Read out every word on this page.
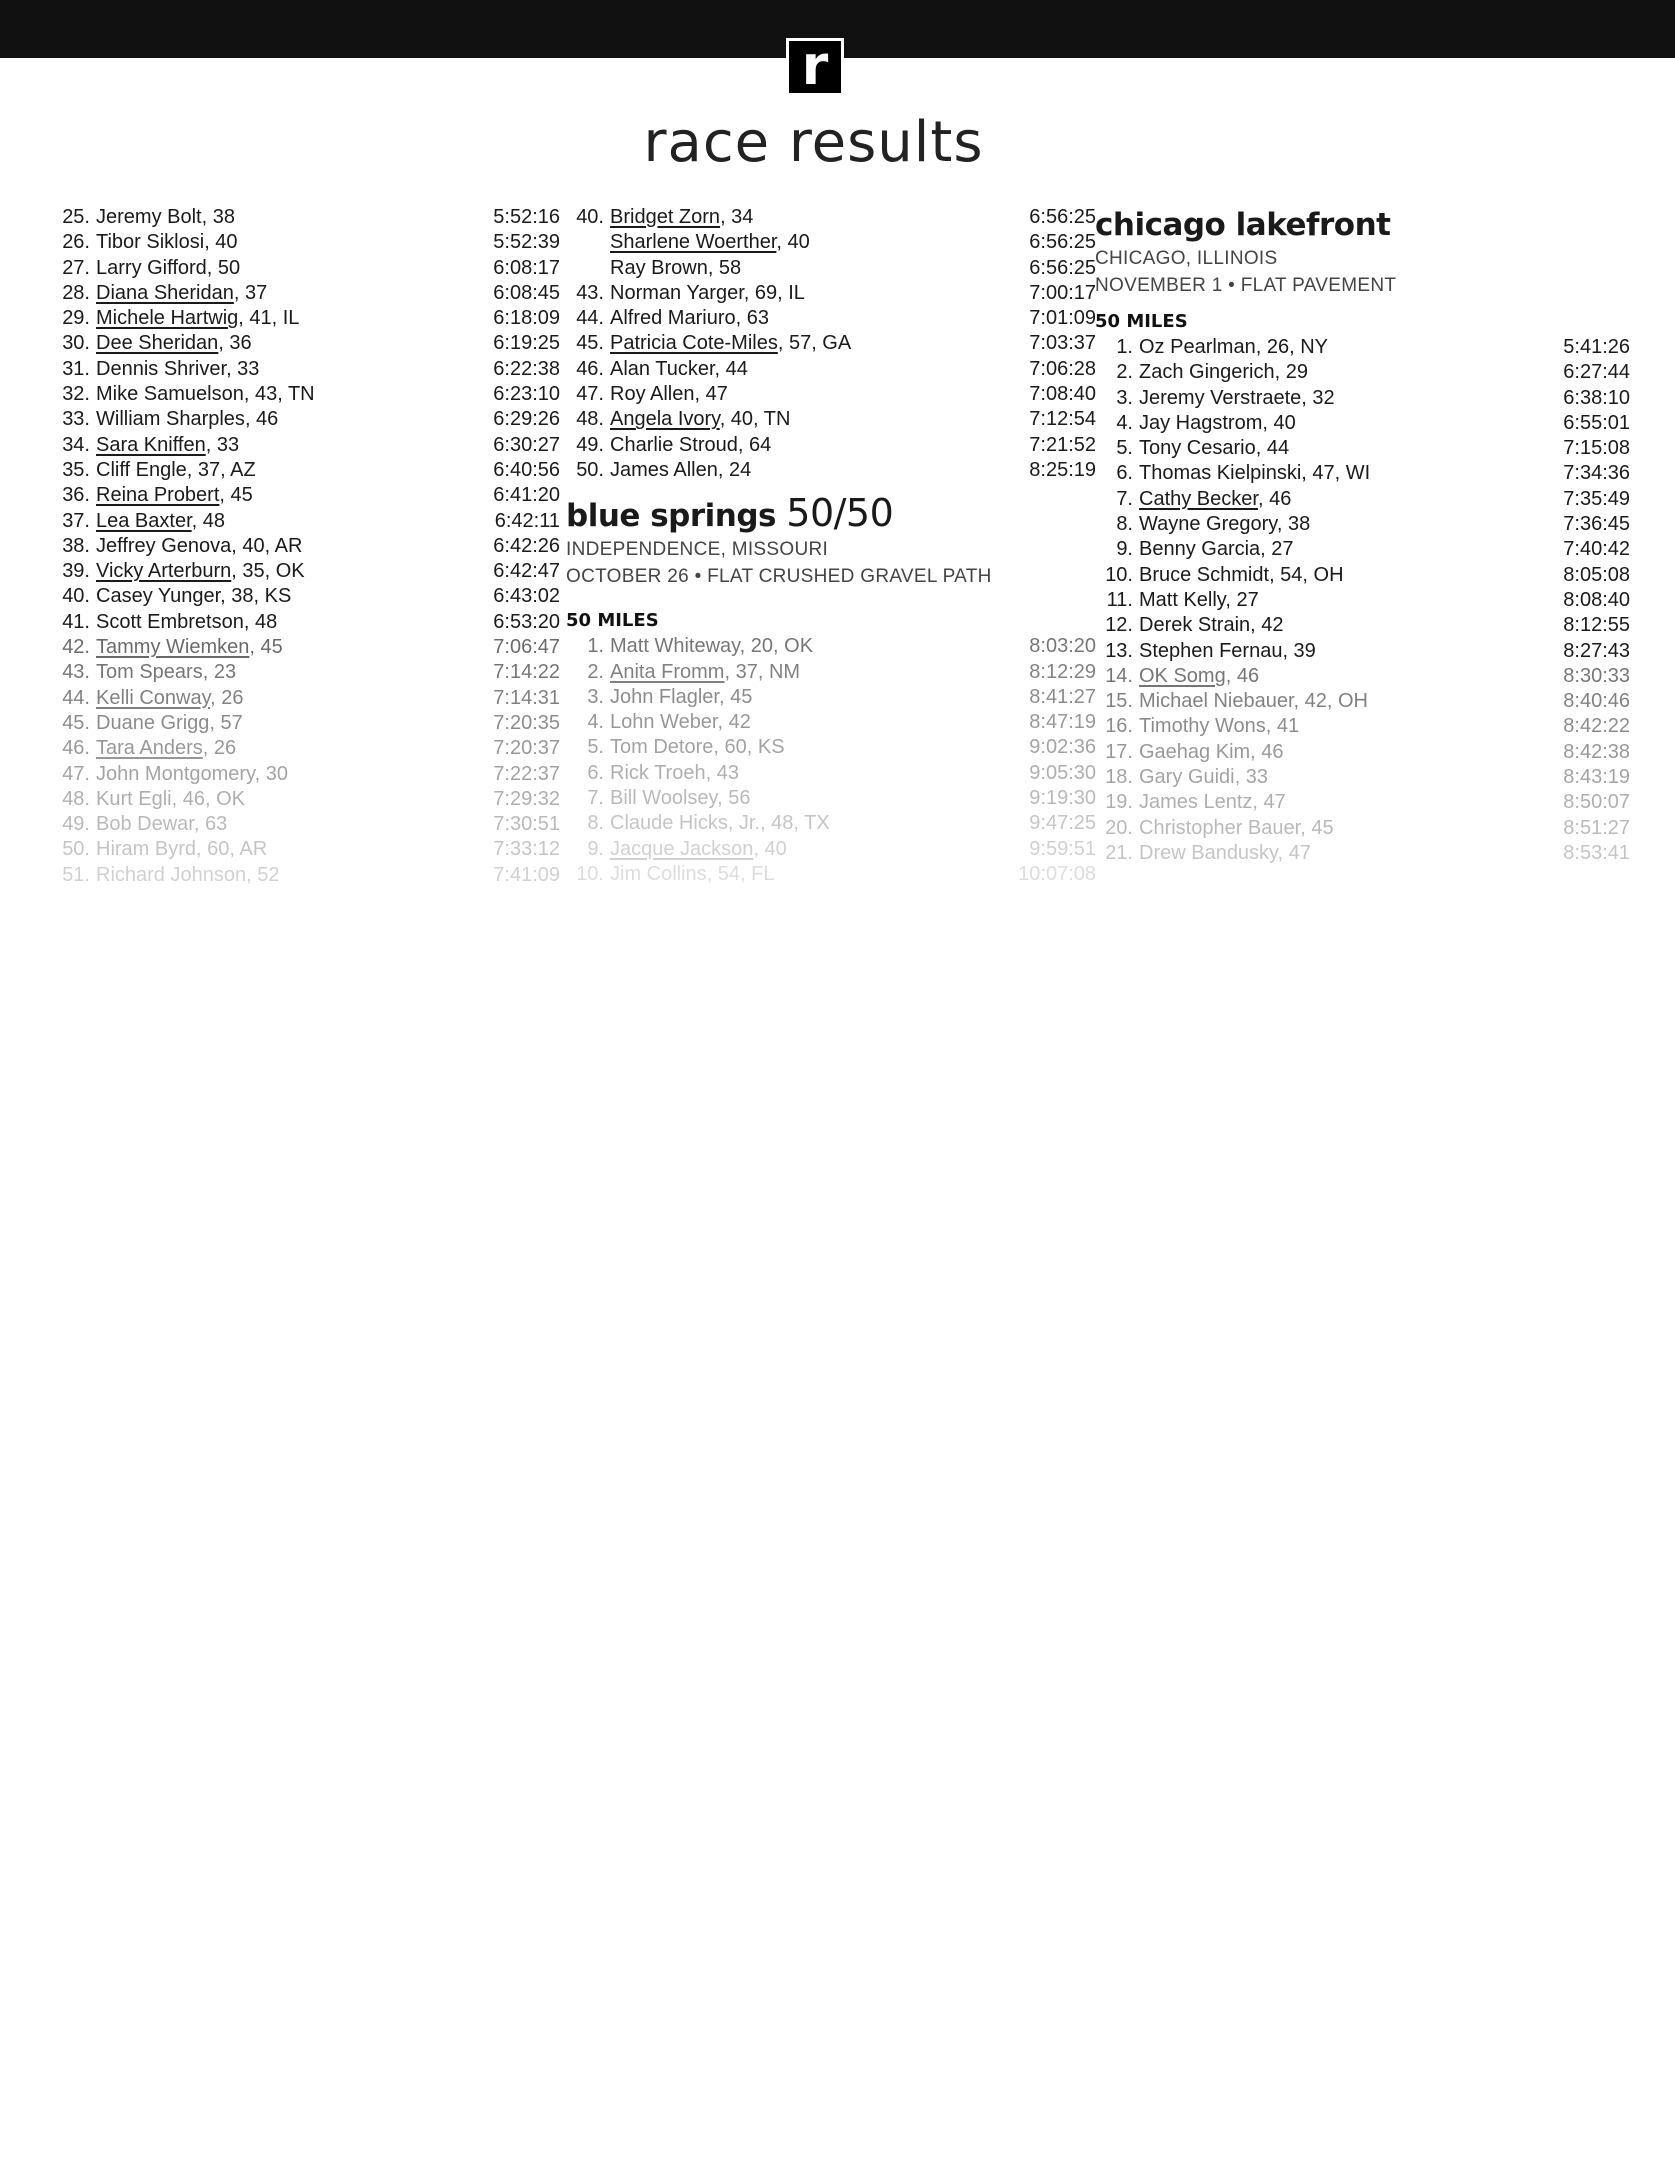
r
race results
25. Jeremy Bolt, 38	5:52:16
26. Tibor Siklosi, 40	5:52:39
27. Larry Gifford, 50	6:08:17
28. Diana Sheridan, 37	6:08:45
29. Michele Hartwig, 41, IL	6:18:09
30. Dee Sheridan, 36	6:19:25
31. Dennis Shriver, 33	6:22:38
32. Mike Samuelson, 43, TN	6:23:10
33. William Sharples, 46	6:29:26
34. Sara Kniffen, 33	6:30:27
35. Cliff Engle, 37, AZ	6:40:56
36. Reina Probert, 45	6:41:20
37. Lea Baxter, 48	6:42:11
38. Jeffrey Genova, 40, AR	6:42:26
39. Vicky Arterburn, 35, OK	6:42:47
40. Casey Yunger, 38, KS	6:43:02
41. Scott Embretson, 48	6:53:20
42. Tammy Wiemken, 45	7:06:47
43. Tom Spears, 23	7:14:22
44. Kelli Conway, 26	7:14:31
45. Duane Grigg, 57	7:20:35
46. Tara Anders, 26	7:20:37
47. John Montgomery, 30	7:22:37
48. Kurt Egli, 46, OK	7:29:32
49. Bob Dewar, 63	7:30:51
50. Hiram Byrd, 60, AR	7:33:12
51. Richard Johnson, 52	7:41:09
40. Bridget Zorn, 34	6:56:25
Sharlene Woerther, 40	6:56:25
Ray Brown, 58	6:56:25
43. Norman Yarger, 69, IL	7:00:17
44. Alfred Mariuro, 63	7:01:09
45. Patricia Cote-Miles, 57, GA	7:03:37
46. Alan Tucker, 44	7:06:28
47. Roy Allen, 47	7:08:40
48. Angela Ivory, 40, TN	7:12:54
49. Charlie Stroud, 64	7:21:52
50. James Allen, 24	8:25:19
blue springs 50/50
INDEPENDENCE, MISSOURI
OCTOBER 26 • FLAT CRUSHED GRAVEL PATH
50 MILES
1. Matt Whiteway, 20, OK	8:03:20
2. Anita Fromm, 37, NM	8:12:29
3. John Flagler, 45	8:41:27
4. Lohn Weber, 42	8:47:19
5. Tom Detore, 60, KS	9:02:36
6. Rick Troeh, 43	9:05:30
7. Bill Woolsey, 56	9:19:30
8. Claude Hicks, Jr., 48, TX	9:47:25
9. Jacque Jackson, 40	9:59:51
10. Jim Collins, 54, FL	10:07:08
chicago lakefront
CHICAGO, ILLINOIS
NOVEMBER 1 • FLAT PAVEMENT
50 MILES
1. Oz Pearlman, 26, NY	5:41:26
2. Zach Gingerich, 29	6:27:44
3. Jeremy Verstraete, 32	6:38:10
4. Jay Hagstrom, 40	6:55:01
5. Tony Cesario, 44	7:15:08
6. Thomas Kielpinski, 47, WI	7:34:36
7. Cathy Becker, 46	7:35:49
8. Wayne Gregory, 38	7:36:45
9. Benny Garcia, 27	7:40:42
10. Bruce Schmidt, 54, OH	8:05:08
11. Matt Kelly, 27	8:08:40
12. Derek Strain, 42	8:12:55
13. Stephen Fernau, 39	8:27:43
14. OK Somg, 46	8:30:33
15. Michael Niebauer, 42, OH	8:40:46
16. Timothy Wons, 41	8:42:22
17. Gaehag Kim, 46	8:42:38
18. Gary Guidi, 33	8:43:19
19. James Lentz, 47	8:50:07
20. Christopher Bauer, 45	8:51:27
21. Drew Bandusky, 47	8:53:41
